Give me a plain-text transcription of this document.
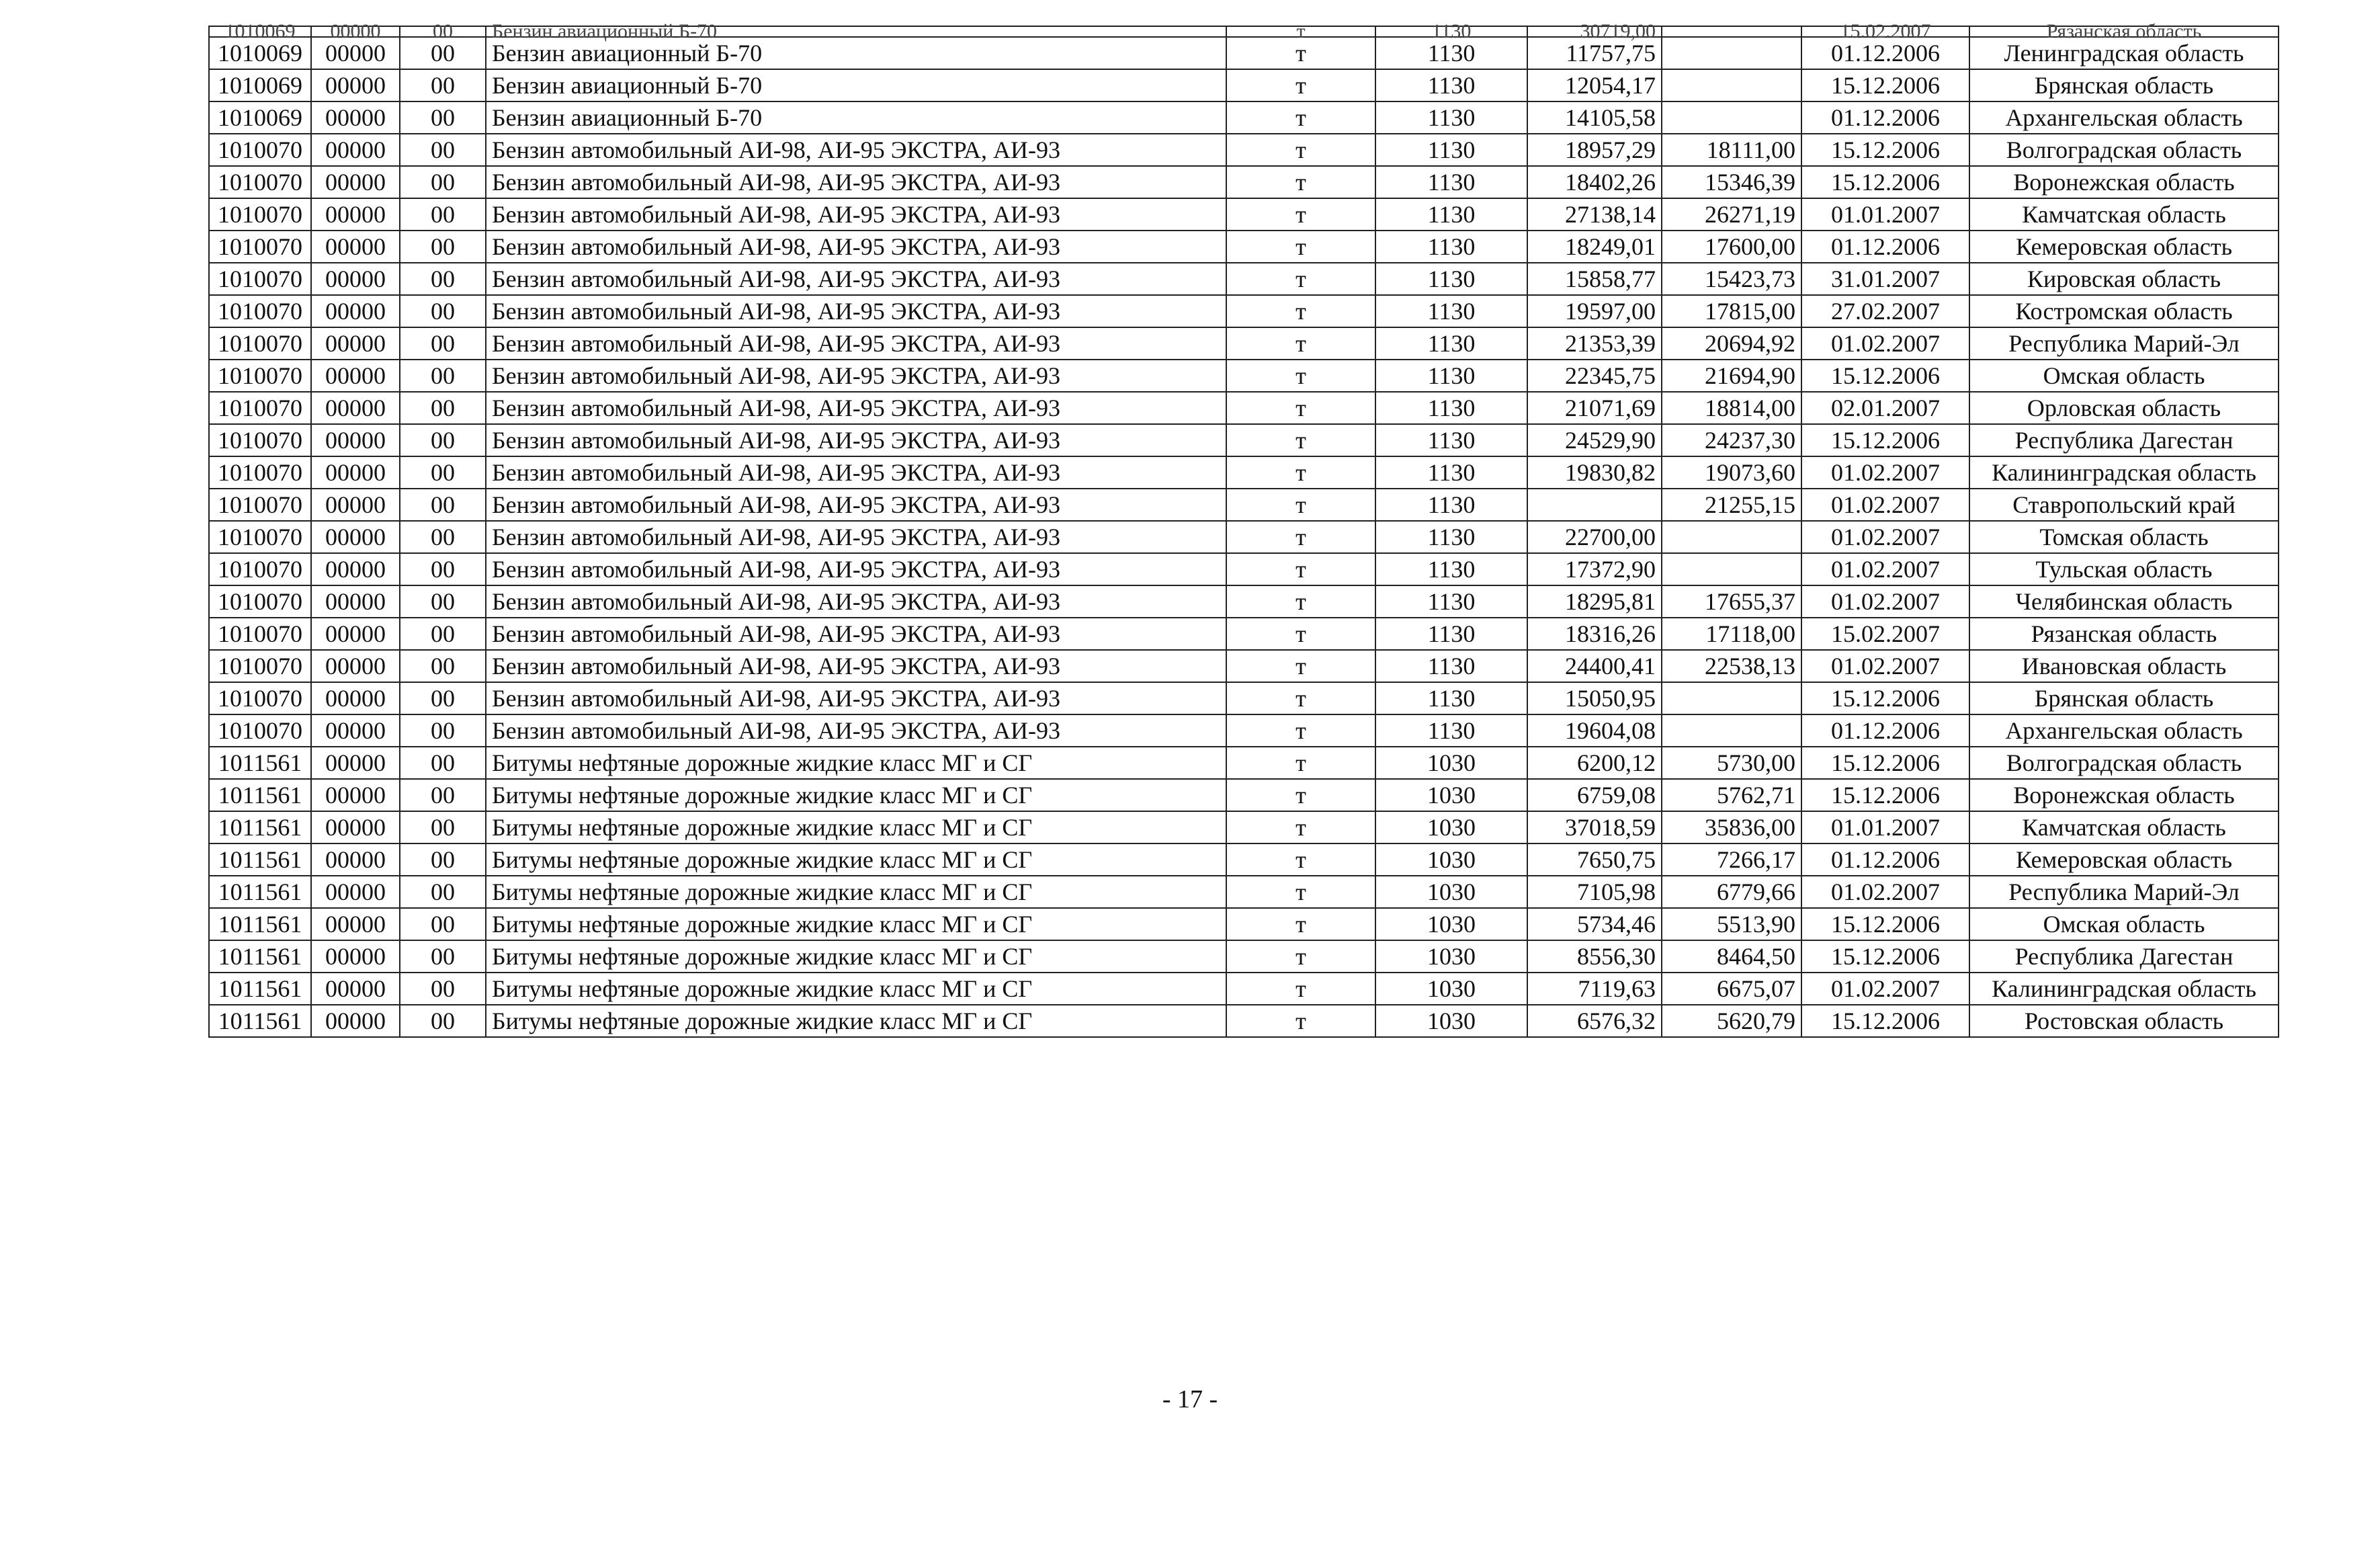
1010069	00000	00	Бензин авиационный Б-70	т	1130	30719,00		15.02.2007	Рязанская область
1010069	00000	00	Бензин авиационный Б-70	т	1130	11757,75		01.12.2006	Ленинградская область
1010069	00000	00	Бензин авиационный Б-70	т	1130	12054,17		15.12.2006	Брянская область
1010069	00000	00	Бензин авиационный Б-70	т	1130	14105,58		01.12.2006	Архангельская область
1010070	00000	00	Бензин автомобильный АИ-98, АИ-95 ЭКСТРА, АИ-93	т	1130	18957,29	18111,00	15.12.2006	Волгоградская область
1010070	00000	00	Бензин автомобильный АИ-98, АИ-95 ЭКСТРА, АИ-93	т	1130	18402,26	15346,39	15.12.2006	Воронежская область
1010070	00000	00	Бензин автомобильный АИ-98, АИ-95 ЭКСТРА, АИ-93	т	1130	27138,14	26271,19	01.01.2007	Камчатская область
1010070	00000	00	Бензин автомобильный АИ-98, АИ-95 ЭКСТРА, АИ-93	т	1130	18249,01	17600,00	01.12.2006	Кемеровская область
1010070	00000	00	Бензин автомобильный АИ-98, АИ-95 ЭКСТРА, АИ-93	т	1130	15858,77	15423,73	31.01.2007	Кировская область
1010070	00000	00	Бензин автомобильный АИ-98, АИ-95 ЭКСТРА, АИ-93	т	1130	19597,00	17815,00	27.02.2007	Костромская область
1010070	00000	00	Бензин автомобильный АИ-98, АИ-95 ЭКСТРА, АИ-93	т	1130	21353,39	20694,92	01.02.2007	Республика Марий-Эл
1010070	00000	00	Бензин автомобильный АИ-98, АИ-95 ЭКСТРА, АИ-93	т	1130	22345,75	21694,90	15.12.2006	Омская область
1010070	00000	00	Бензин автомобильный АИ-98, АИ-95 ЭКСТРА, АИ-93	т	1130	21071,69	18814,00	02.01.2007	Орловская область
1010070	00000	00	Бензин автомобильный АИ-98, АИ-95 ЭКСТРА, АИ-93	т	1130	24529,90	24237,30	15.12.2006	Республика Дагестан
1010070	00000	00	Бензин автомобильный АИ-98, АИ-95 ЭКСТРА, АИ-93	т	1130	19830,82	19073,60	01.02.2007	Калининградская область
1010070	00000	00	Бензин автомобильный АИ-98, АИ-95 ЭКСТРА, АИ-93	т	1130		21255,15	01.02.2007	Ставропольский край
1010070	00000	00	Бензин автомобильный АИ-98, АИ-95 ЭКСТРА, АИ-93	т	1130	22700,00		01.02.2007	Томская область
1010070	00000	00	Бензин автомобильный АИ-98, АИ-95 ЭКСТРА, АИ-93	т	1130	17372,90		01.02.2007	Тульская область
1010070	00000	00	Бензин автомобильный АИ-98, АИ-95 ЭКСТРА, АИ-93	т	1130	18295,81	17655,37	01.02.2007	Челябинская область
1010070	00000	00	Бензин автомобильный АИ-98, АИ-95 ЭКСТРА, АИ-93	т	1130	18316,26	17118,00	15.02.2007	Рязанская область
1010070	00000	00	Бензин автомобильный АИ-98, АИ-95 ЭКСТРА, АИ-93	т	1130	24400,41	22538,13	01.02.2007	Ивановская область
1010070	00000	00	Бензин автомобильный АИ-98, АИ-95 ЭКСТРА, АИ-93	т	1130	15050,95		15.12.2006	Брянская область
1010070	00000	00	Бензин автомобильный АИ-98, АИ-95 ЭКСТРА, АИ-93	т	1130	19604,08		01.12.2006	Архангельская область
1011561	00000	00	Битумы нефтяные дорожные жидкие класс МГ и СГ	т	1030	6200,12	5730,00	15.12.2006	Волгоградская область
1011561	00000	00	Битумы нефтяные дорожные жидкие класс МГ и СГ	т	1030	6759,08	5762,71	15.12.2006	Воронежская область
1011561	00000	00	Битумы нефтяные дорожные жидкие класс МГ и СГ	т	1030	37018,59	35836,00	01.01.2007	Камчатская область
1011561	00000	00	Битумы нефтяные дорожные жидкие класс МГ и СГ	т	1030	7650,75	7266,17	01.12.2006	Кемеровская область
1011561	00000	00	Битумы нефтяные дорожные жидкие класс МГ и СГ	т	1030	7105,98	6779,66	01.02.2007	Республика Марий-Эл
1011561	00000	00	Битумы нефтяные дорожные жидкие класс МГ и СГ	т	1030	5734,46	5513,90	15.12.2006	Омская область
1011561	00000	00	Битумы нефтяные дорожные жидкие класс МГ и СГ	т	1030	8556,30	8464,50	15.12.2006	Республика Дагестан
1011561	00000	00	Битумы нефтяные дорожные жидкие класс МГ и СГ	т	1030	7119,63	6675,07	01.02.2007	Калининградская область
1011561	00000	00	Битумы нефтяные дорожные жидкие класс МГ и СГ	т	1030	6576,32	5620,79	15.12.2006	Ростовская область
- 17 -
